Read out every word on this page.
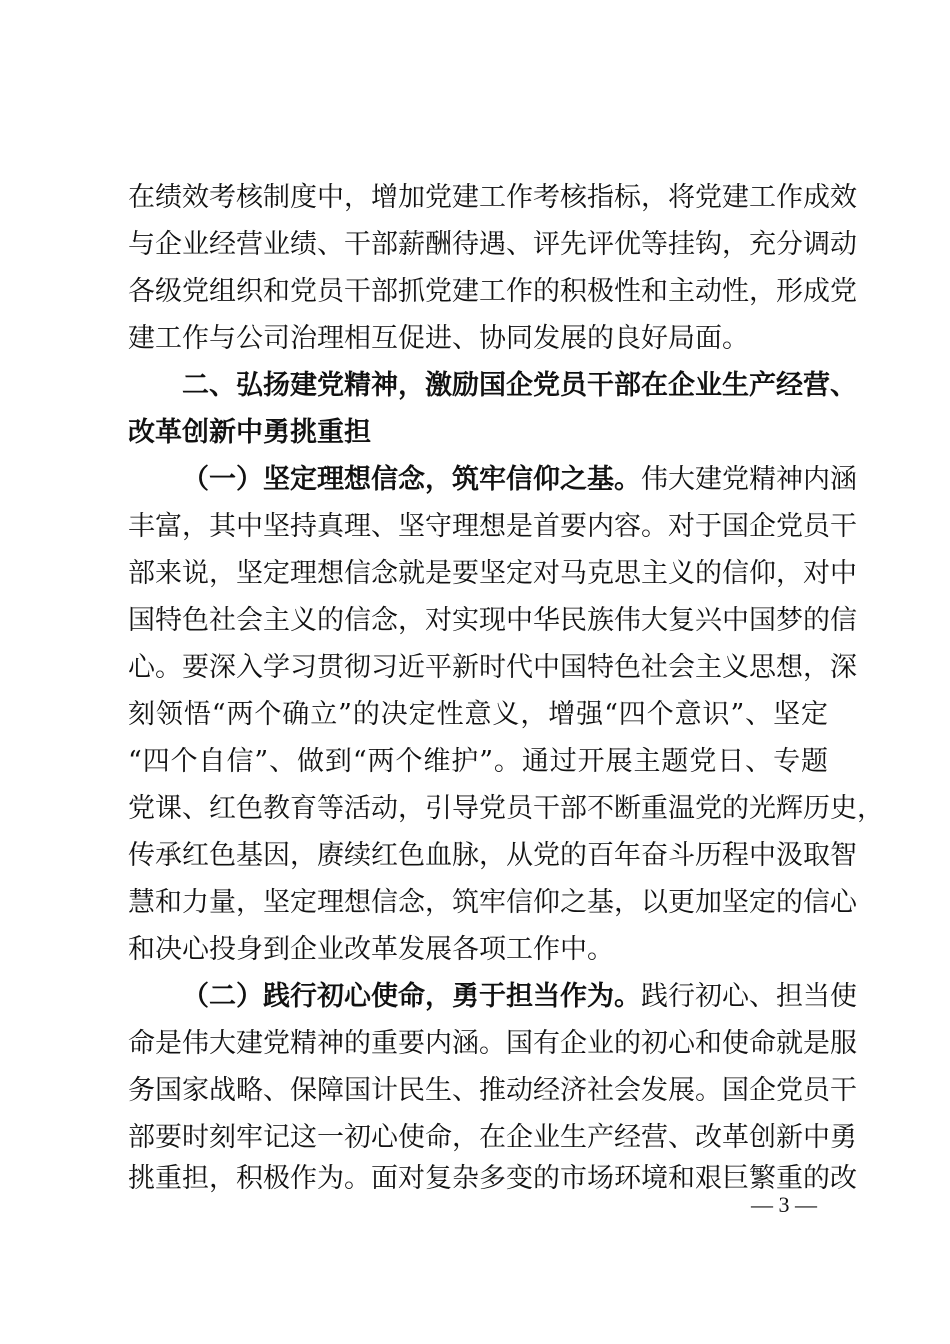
在绩效考核制度中，增加党建工作考核指标，将党建工作成效
与企业经营业绩、干部薪酬待遇、评先评优等挂钩，充分调动
各级党组织和党员干部抓党建工作的积极性和主动性，形成党
建工作与公司治理相互促进、协同发展的良好局面。
二、弘扬建党精神，激励国企党员干部在企业生产经营、
改革创新中勇挑重担
（一）坚定理想信念，筑牢信仰之基。伟大建党精神内涵
丰富，其中坚持真理、坚守理想是首要内容。对于国企党员干
部来说，坚定理想信念就是要坚定对马克思主义的信仰，对中
国特色社会主义的信念，对实现中华民族伟大复兴中国梦的信
心。要深入学习贯彻习近平新时代中国特色社会主义思想，深
刻领悟“两个确立”的决定性意义，增强“四个意识”、坚定
“四个自信”、做到“两个维护”。通过开展主题党日、专题
党课、红色教育等活动，引导党员干部不断重温党的光辉历史，
传承红色基因，赓续红色血脉，从党的百年奋斗历程中汲取智
慧和力量，坚定理想信念，筑牢信仰之基，以更加坚定的信心
和决心投身到企业改革发展各项工作中。
（二）践行初心使命，勇于担当作为。践行初心、担当使
命是伟大建党精神的重要内涵。国有企业的初心和使命就是服
务国家战略、保障国计民生、推动经济社会发展。国企党员干
部要时刻牢记这一初心使命，在企业生产经营、改革创新中勇
挑重担，积极作为。面对复杂多变的市场环境和艰巨繁重的改
— 3 —
